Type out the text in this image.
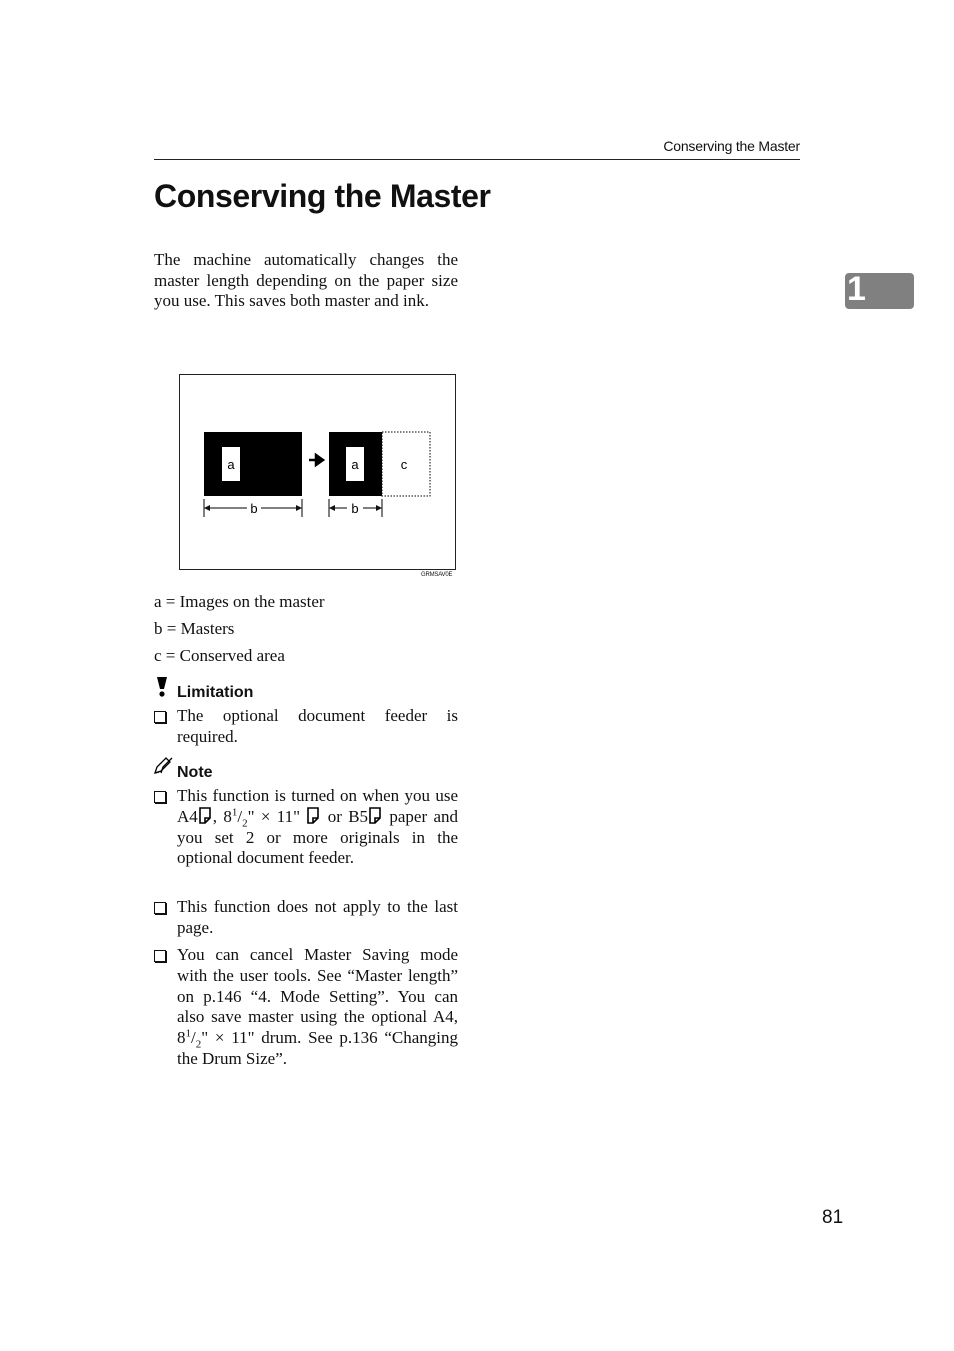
Conserving the Master
Conserving the Master
1

The machine automatically changes the master length depending on the paper size you use. This saves both master and ink.

a	a	c
b	b
GRMSAV0E

a = Images on the master

b = Masters

c = Conserved area

Limitation
The optional document feeder is required.
Note
This function is turned on when you use A4 , $8^1/_2$" × 11"  or B5 paper and you set 2 or more originals in the optional document feeder.
This function does not apply to the last page.
You can cancel Master Saving mode with the user tools. See “Master length” on p.146 “4. Mode Setting”. You can also save master using the optional A4, $8^1/_2$" × 11" drum. See p.136 “Changing the Drum Size”.
81
